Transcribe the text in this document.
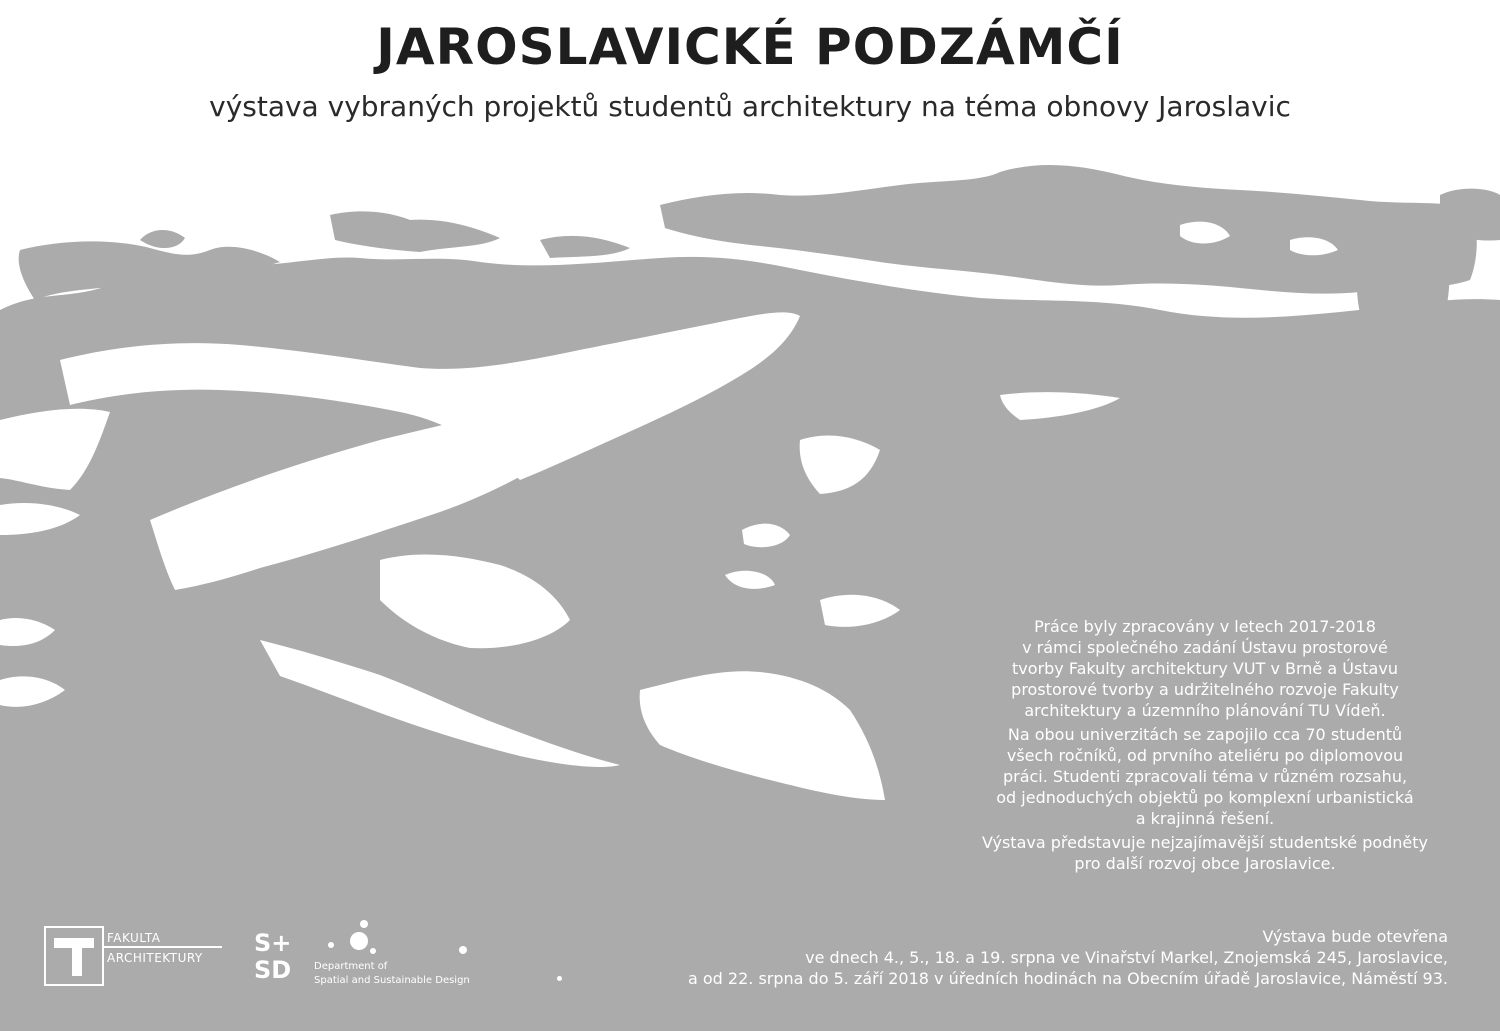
JAROSLAVICKÉ PODZÁMČÍ

výstava vybraných projektů studentů architektury na téma obnovy Jaroslavic

Práce byly zpracovány v letech 2017-2018
v rámci společného zadání Ústavu prostorové
tvorby Fakulty architektury VUT v Brně a Ústavu
prostorové tvorby a udržitelného rozvoje Fakulty
architektury a územního plánování TU Vídeň.

Na obou univerzitách se zapojilo cca 70 studentů
všech ročníků, od prvního ateliéru po diplomovou
práci. Studenti zpracovali téma v různém rozsahu,
od jednoduchých objektů po komplexní urbanistická
a krajinná řešení.

Výstava představuje nejzajímavější studentské podněty
pro další rozvoj obce Jaroslavice.

Výstava bude otevřena
ve dnech 4., 5., 18. a 19. srpna ve Vinařství Markel, Znojemská 245, Jaroslavice,
a od 22. srpna do 5. září 2018 v úředních hodinách na Obecním úřadě Jaroslavice, Náměstí 93.
FAKULTA
ARCHITEKTURY
S+
SD Department of
Spatial and Sustainable Design
